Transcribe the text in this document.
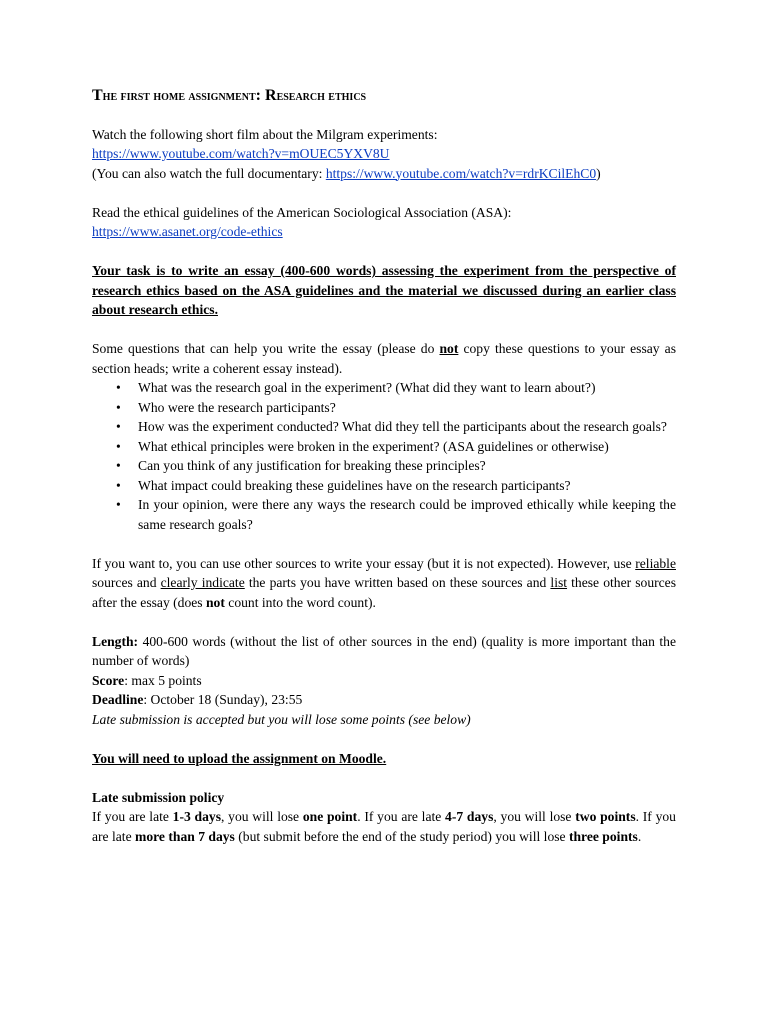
The first home assignment: Research ethics

Watch the following short film about the Milgram experiments:

https://www.youtube.com/watch?v=mOUEC5YXV8U

(You can also watch the full documentary: https://www.youtube.com/watch?v=rdrKCilEhC0)

Read the ethical guidelines of the American Sociological Association (ASA):

https://www.asanet.org/code-ethics

Your task is to write an essay (400-600 words) assessing the experiment from the perspective of research ethics based on the ASA guidelines and the material we discussed during an earlier class about research ethics.

Some questions that can help you write the essay (please do not copy these questions to your essay as section heads; write a coherent essay instead).

• What was the research goal in the experiment? (What did they want to learn about?)
• Who were the research participants?
• How was the experiment conducted? What did they tell the participants about the research goals?
• What ethical principles were broken in the experiment? (ASA guidelines or otherwise)
• Can you think of any justification for breaking these principles?
• What impact could breaking these guidelines have on the research participants?
• In your opinion, were there any ways the research could be improved ethically while keeping the same research goals?

If you want to, you can use other sources to write your essay (but it is not expected). However, use reliable sources and clearly indicate the parts you have written based on these sources and list these other sources after the essay (does not count into the word count).

Length: 400-600 words (without the list of other sources in the end) (quality is more important than the number of words)

Score: max 5 points

Deadline: October 18 (Sunday), 23:55

Late submission is accepted but you will lose some points (see below)

You will need to upload the assignment on Moodle.

Late submission policy

If you are late 1-3 days, you will lose one point. If you are late 4-7 days, you will lose two points. If you are late more than 7 days (but submit before the end of the study period) you will lose three points.
